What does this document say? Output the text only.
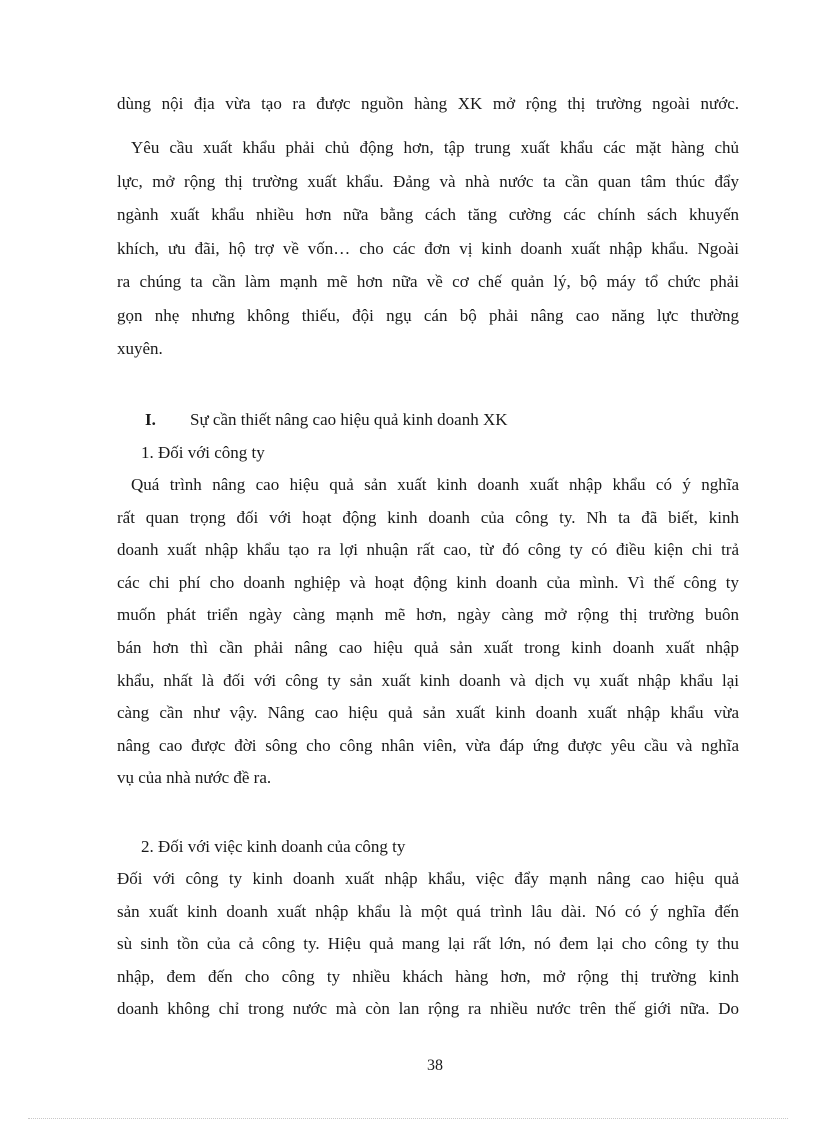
dùng nội địa vừa tạo ra được nguồn hàng XK mở rộng thị trường ngoài nước.

Yêu cầu xuất khẩu phải chủ động hơn, tập trung xuất khẩu các mặt hàng chủ

lực, mở rộng thị trường xuất khẩu. Đảng và nhà nước ta cần quan tâm thúc đẩy

ngành xuất khẩu nhiều hơn nữa bằng cách tăng cường các chính sách khuyến

khích, ưu đãi, hộ trợ về vốn… cho các đơn vị kinh doanh xuất nhập khẩu. Ngoài

ra chúng ta cần làm mạnh mẽ hơn nữa về cơ chế quản lý, bộ máy tổ chức phải

gọn nhẹ nhưng không thiếu, đội ngụ cán bộ phải nâng cao năng lực thường

xuyên.

I. Sự cần thiết nâng cao hiệu quả kinh doanh XK
1. Đối với công ty

Quá trình nâng cao hiệu quả sản xuất kinh doanh xuất nhập khẩu có ý nghĩa

rất quan trọng đối với hoạt động kinh doanh của công ty. Nh ta đã biết, kinh

doanh xuất nhập khẩu tạo ra lợi nhuận rất cao, từ đó công ty có điều kiện chi trả

các chi phí cho doanh nghiệp và hoạt động kinh doanh của mình. Vì thế công ty

muốn phát triển ngày càng mạnh mẽ hơn, ngày càng mở rộng thị trường buôn

bán hơn thì cần phải nâng cao hiệu quả sản xuất trong kinh doanh xuất nhập

khẩu, nhất là đối với công ty sản xuất kinh doanh và dịch vụ xuất nhập khẩu lại

càng cần như vậy. Nâng cao hiệu quả sản xuất kinh doanh xuất nhập khẩu vừa

nâng cao được đời sông cho công nhân viên, vừa đáp ứng được yêu cầu và nghĩa

vụ của nhà nước đề ra.

2. Đối với việc kinh doanh của công ty

Đối với công ty kinh doanh xuất nhập khẩu, việc đẩy mạnh nâng cao hiệu quả

sản xuất kinh doanh xuất nhập khẩu là một quá trình lâu dài. Nó có ý nghĩa đến

sù sinh tồn của cả công ty. Hiệu quả mang lại rất lớn, nó đem lại cho công ty thu

nhập, đem đến cho công ty nhiều khách hàng hơn, mở rộng thị trường kinh

doanh không chỉ trong nước mà còn lan rộng ra nhiều nước trên thế giới nữa. Do

38
